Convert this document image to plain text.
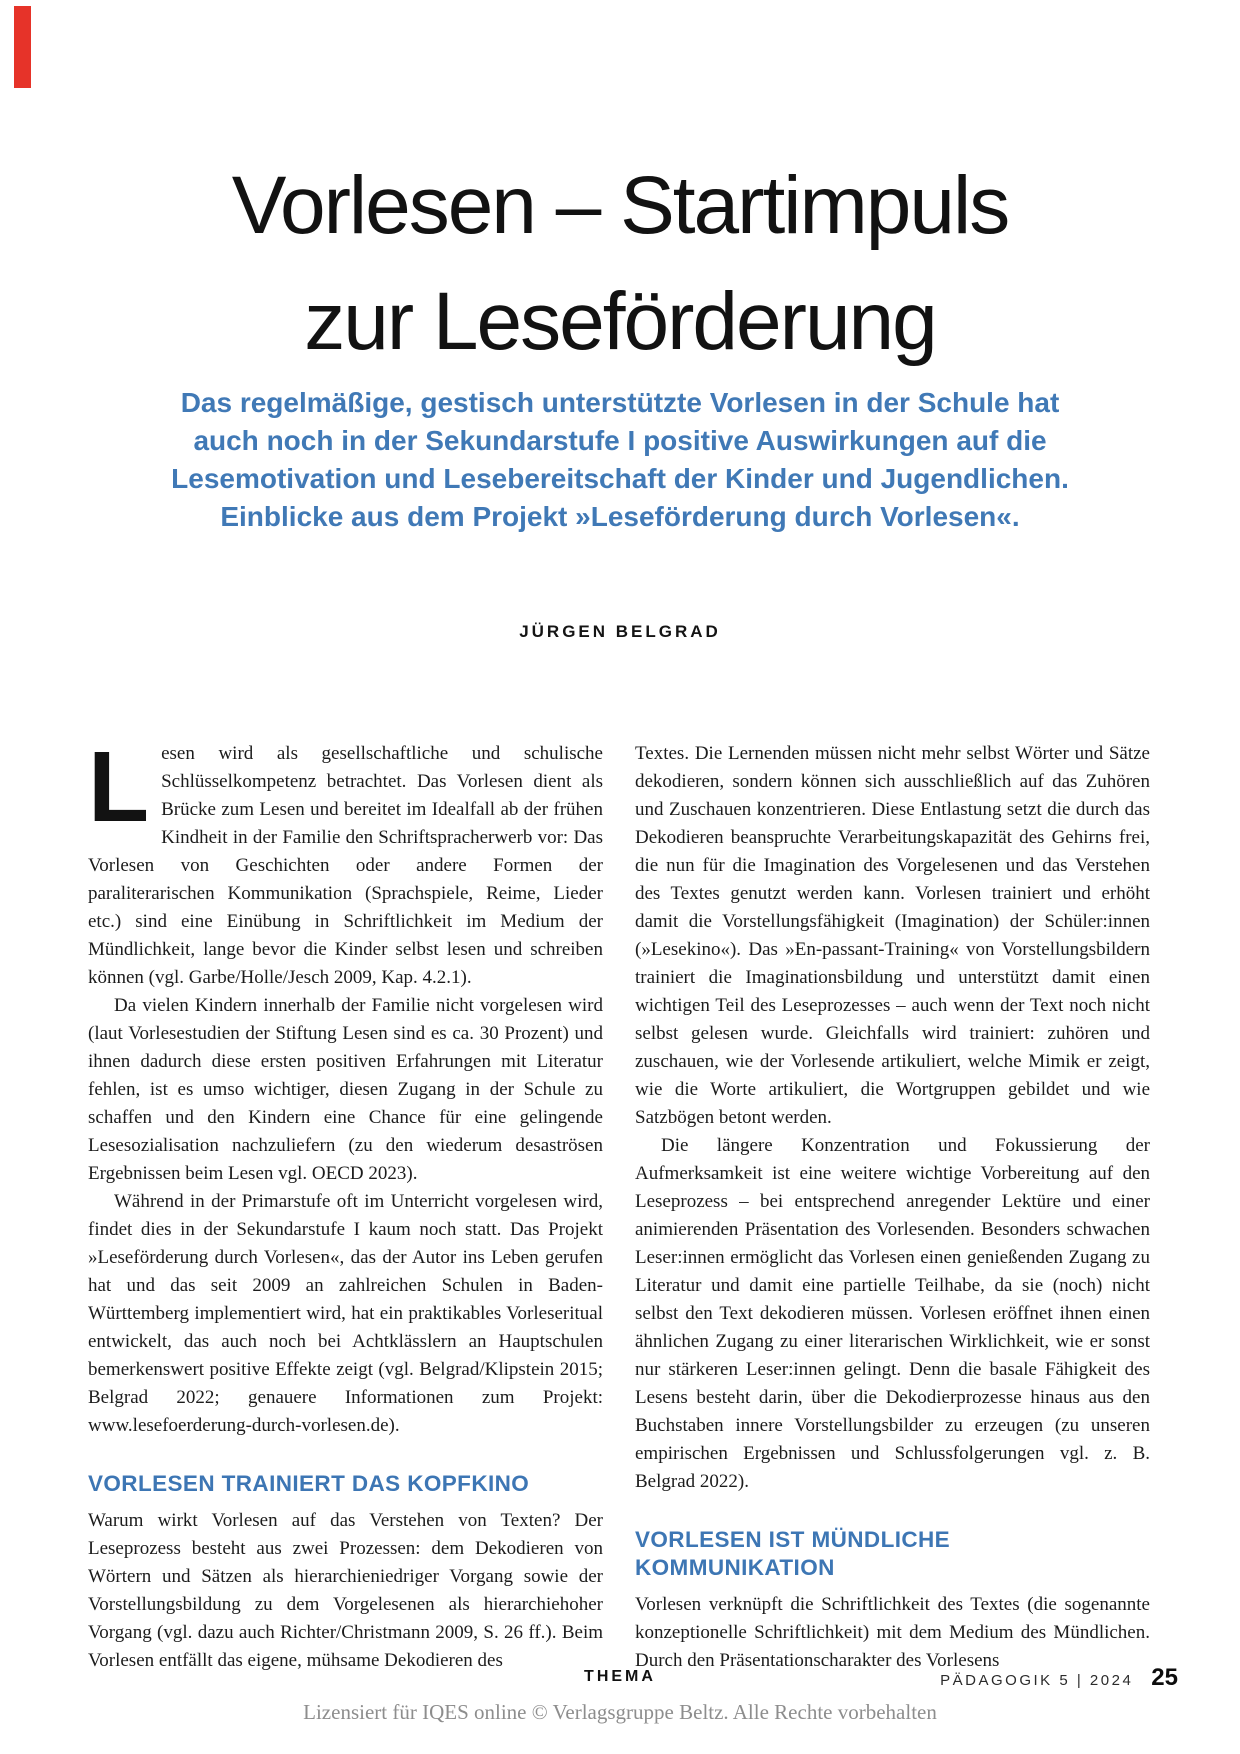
Vorlesen – Startimpuls
zur Leseförderung
Das regelmäßige, gestisch unterstützte Vorlesen in der Schule hat
auch noch in der Sekundarstufe I positive Auswirkungen auf die
Lesemotivation und Lesebereitschaft der Kinder und Jugendlichen.
Einblicke aus dem Projekt »Leseförderung durch Vorlesen«.
JÜRGEN BELGRAD

Lesen wird als gesellschaftliche und schulische Schlüsselkompetenz betrachtet. Das Vorlesen dient als Brücke zum Lesen und bereitet im Idealfall ab der frühen Kindheit in der Familie den Schriftspracherwerb vor: Das Vorlesen von Geschichten oder andere Formen der paraliterarischen Kommunikation (Sprachspiele, Reime, Lieder etc.) sind eine Einübung in Schriftlichkeit im Medium der Mündlichkeit, lange bevor die Kinder selbst lesen und schreiben können (vgl. Garbe/Holle/Jesch 2009, Kap. 4.2.1).

Da vielen Kindern innerhalb der Familie nicht vorgelesen wird (laut Vorlesestudien der Stiftung Lesen sind es ca. 30 Prozent) und ihnen dadurch diese ersten positiven Erfahrungen mit Literatur fehlen, ist es umso wichtiger, diesen Zugang in der Schule zu schaffen und den Kindern eine Chance für eine gelingende Lesesozialisation nachzuliefern (zu den wiederum desaströsen Ergebnissen beim Lesen vgl. OECD 2023).

Während in der Primarstufe oft im Unterricht vorgelesen wird, findet dies in der Sekundarstufe I kaum noch statt. Das Projekt »Leseförderung durch Vorlesen«, das der Autor ins Leben gerufen hat und das seit 2009 an zahlreichen Schulen in Baden-Württemberg implementiert wird, hat ein praktikables Vorleseritual entwickelt, das auch noch bei Achtklässlern an Hauptschulen bemerkenswert positive Effekte zeigt (vgl. Belgrad/Klipstein 2015; Belgrad 2022; genauere Informationen zum Projekt: www.lesefoerderung-durch-vorlesen.de).

VORLESEN TRAINIERT DAS KOPFKINO

Warum wirkt Vorlesen auf das Verstehen von Texten? Der Leseprozess besteht aus zwei Prozessen: dem Dekodieren von Wörtern und Sätzen als hierarchieniedriger Vorgang sowie der Vorstellungsbildung zu dem Vorgelesenen als hierarchiehoher Vorgang (vgl. dazu auch Richter/Christmann 2009, S. 26 ff.). Beim Vorlesen entfällt das eigene, mühsame Dekodieren des

Textes. Die Lernenden müssen nicht mehr selbst Wörter und Sätze dekodieren, sondern können sich ausschließlich auf das Zuhören und Zuschauen konzentrieren. Diese Entlastung setzt die durch das Dekodieren beanspruchte Verarbeitungskapazität des Gehirns frei, die nun für die Imagination des Vorgelesenen und das Verstehen des Textes genutzt werden kann. Vorlesen trainiert und erhöht damit die Vorstellungsfähigkeit (Imagination) der Schüler:innen (»Lesekino«). Das »En-passant-Training« von Vorstellungsbildern trainiert die Imaginationsbildung und unterstützt damit einen wichtigen Teil des Leseprozesses – auch wenn der Text noch nicht selbst gelesen wurde. Gleichfalls wird trainiert: zuhören und zuschauen, wie der Vorlesende artikuliert, welche Mimik er zeigt, wie die Worte artikuliert, die Wortgruppen gebildet und wie Satzbögen betont werden.

Die längere Konzentration und Fokussierung der Aufmerksamkeit ist eine weitere wichtige Vorbereitung auf den Leseprozess – bei entsprechend anregender Lektüre und einer animierenden Präsentation des Vorlesenden. Besonders schwachen Leser:innen ermöglicht das Vorlesen einen genießenden Zugang zu Literatur und damit eine partielle Teilhabe, da sie (noch) nicht selbst den Text dekodieren müssen. Vorlesen eröffnet ihnen einen ähnlichen Zugang zu einer literarischen Wirklichkeit, wie er sonst nur stärkeren Leser:innen gelingt. Denn die basale Fähigkeit des Lesens besteht darin, über die Dekodierprozesse hinaus aus den Buchstaben innere Vorstellungsbilder zu erzeugen (zu unseren empirischen Ergebnissen und Schlussfolgerungen vgl. z. B. Belgrad 2022).

VORLESEN IST MÜNDLICHE KOMMUNIKATION

Vorlesen verknüpft die Schriftlichkeit des Textes (die sogenannte konzeptionelle Schriftlichkeit) mit dem Medium des Mündlichen. Durch den Präsentationscharakter des Vorlesens

THEMA	PÄDAGOGIK 5 | 2024 25
Lizensiert für IQES online © Verlagsgruppe Beltz. Alle Rechte vorbehalten
